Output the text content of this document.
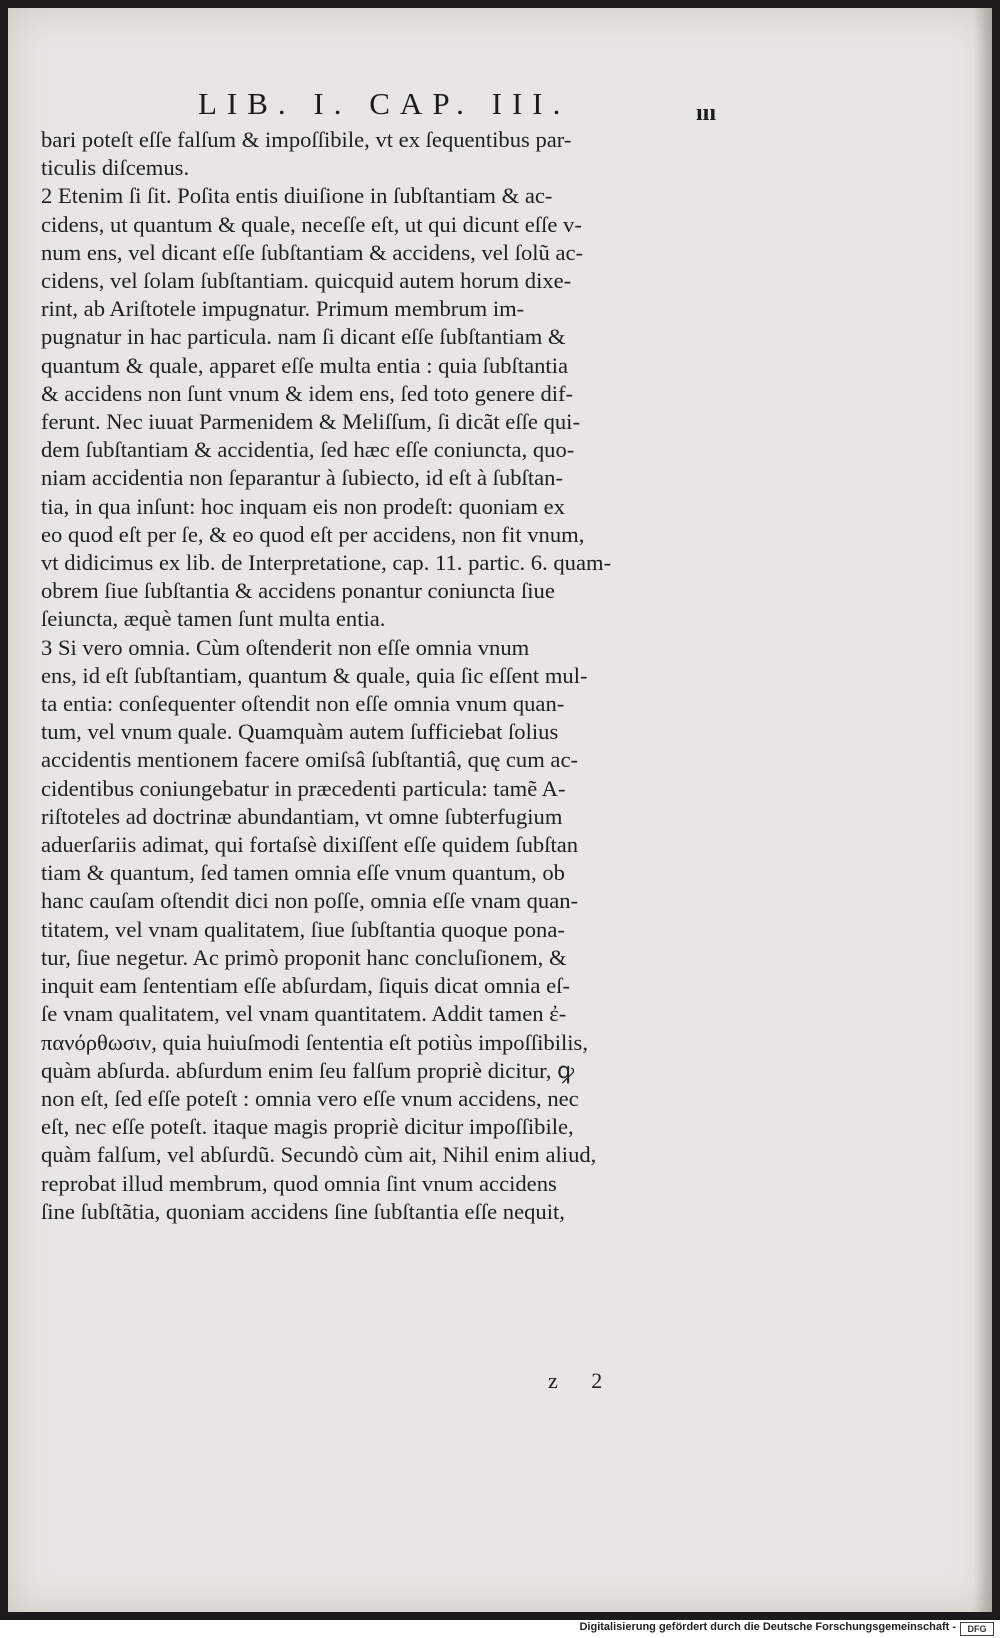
LIB. I. CAP. III.	ııı
bari poteſt eſſe falſum & impoſſibile, vt ex ſequentibus par-
ticulis diſcemus.
2 Etenim ſi ſit. Poſita entis diuiſione in ſubſtantiam & ac-
cidens, ut quantum & quale, neceſſe eſt, ut qui dicunt eſſe v-
num ens, vel dicant eſſe ſubſtantiam & accidens, vel ſolũ ac-
cidens, vel ſolam ſubſtantiam. quicquid autem horum dixe-
rint, ab Ariſtotele impugnatur. Primum membrum im-
pugnatur in hac particula. nam ſi dicant eſſe ſubſtantiam &
quantum & quale, apparet eſſe multa entia : quia ſubſtantia
& accidens non ſunt vnum & idem ens, ſed toto genere dif-
ferunt. Nec iuuat Parmenidem & Meliſſum, ſi dicãt eſſe qui-
dem ſubſtantiam & accidentia, ſed hæc eſſe coniuncta, quo-
niam accidentia non ſeparantur à ſubiecto, id eſt à ſubſtan-
tia, in qua inſunt: hoc inquam eis non prodeſt: quoniam ex
eo quod eſt per ſe, & eo quod eſt per accidens, non fit vnum,
vt didicimus ex lib. de Interpretatione, cap. 11. partic. 6. quam-
obrem ſiue ſubſtantia & accidens ponantur coniuncta ſiue
ſeiuncta, æquè tamen ſunt multa entia.
3 Si vero omnia. Cùm oſtenderit non eſſe omnia vnum
ens, id eſt ſubſtantiam, quantum & quale, quia ſic eſſent mul-
ta entia: conſequenter oſtendit non eſſe omnia vnum quan-
tum, vel vnum quale. Quamquàm autem ſufficiebat ſolius
accidentis mentionem facere omiſsâ ſubſtantiâ, quę cum ac-
cidentibus coniungebatur in præcedenti particula: tamẽ A-
riſtoteles ad doctrinæ abundantiam, vt omne ſubterfugium
aduerſariis adimat, qui fortaſsè dixiſſent eſſe quidem ſubſtan
tiam & quantum, ſed tamen omnia eſſe vnum quantum, ob
hanc cauſam oſtendit dici non poſſe, omnia eſſe vnam quan-
titatem, vel vnam qualitatem, ſiue ſubſtantia quoque pona-
tur, ſiue negetur. Ac primò proponit hanc concluſionem, &
inquit eam ſententiam eſſe abſurdam, ſiquis dicat omnia eſ-
ſe vnam qualitatem, vel vnam quantitatem. Addit tamen ἐ-
πανόρθωσιν, quia huiuſmodi ſententia eſt potiùs impoſſibilis,
quàm abſurda. abſurdum enim ſeu falſum propriè dicitur, ꝙ
non eſt, ſed eſſe poteſt : omnia vero eſſe vnum accidens, nec
eſt, nec eſſe poteſt. itaque magis propriè dicitur impoſſibile,
quàm falſum, vel abſurdũ. Secundò cùm ait, Nihil enim aliud,
reprobat illud membrum, quod omnia ſint vnum accidens
ſine ſubſtãtia, quoniam accidens ſine ſubſtantia eſſe nequit,
z 2
Digitalisierung gefördert durch die Deutsche Forschungsgemeinschaft -	DFG
